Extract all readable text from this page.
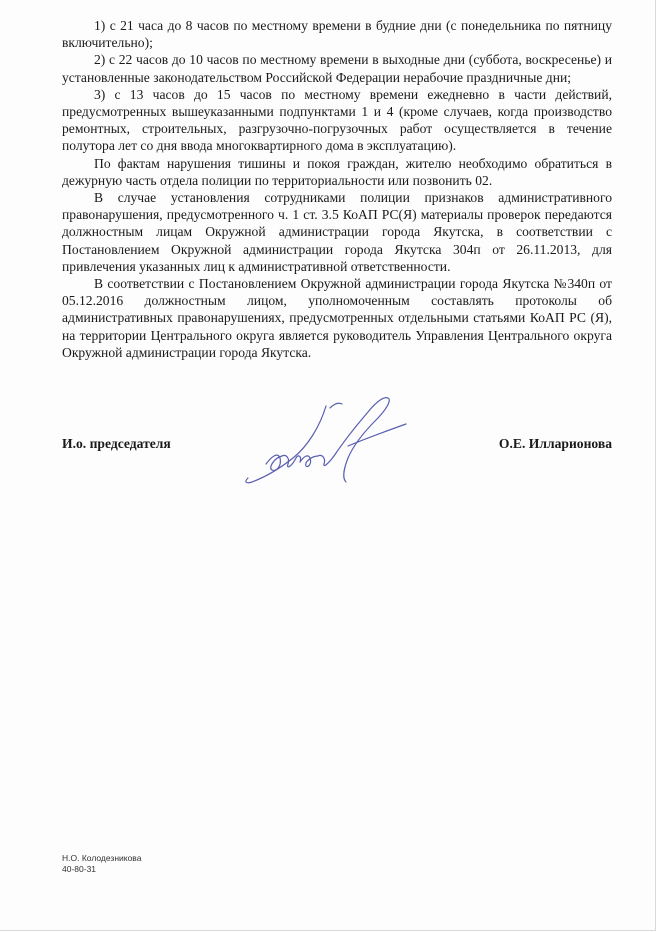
1) с 21 часа до 8 часов по местному времени в будние дни (с понедельника по пятницу включительно);

2) с 22 часов до 10 часов по местному времени в выходные дни (суббота, воскресенье) и установленные законодательством Российской Федерации нерабочие праздничные дни;

3) с 13 часов до 15 часов по местному времени ежедневно в части действий, предусмотренных вышеуказанными подпунктами 1 и 4 (кроме случаев, когда производство ремонтных, строительных, разгрузочно-погрузочных работ осуществляется в течение полутора лет со дня ввода многоквартирного дома в эксплуатацию).

По фактам нарушения тишины и покоя граждан, жителю необходимо обратиться в дежурную часть отдела полиции по территориальности или позвонить 02.

В случае установления сотрудниками полиции признаков административного правонарушения, предусмотренного ч. 1 ст. 3.5 КоАП РС(Я) материалы проверок передаются должностным лицам Окружной администрации города Якутска, в соответствии с Постановлением Окружной администрации города Якутска 304п от 26.11.2013, для привлечения указанных лиц к административной ответственности.

В соответствии с Постановлением Окружной администрации города Якутска №340п от 05.12.2016 должностным лицом, уполномоченным составлять протоколы об административных правонарушениях, предусмотренных отдельными статьями КоАП РС (Я), на территории Центрального округа является руководитель Управления Центрального округа Окружной администрации города Якутска.

И.о. председателя	О.Е. Илларионова
Н.О. Колодезникова
40-80-31
